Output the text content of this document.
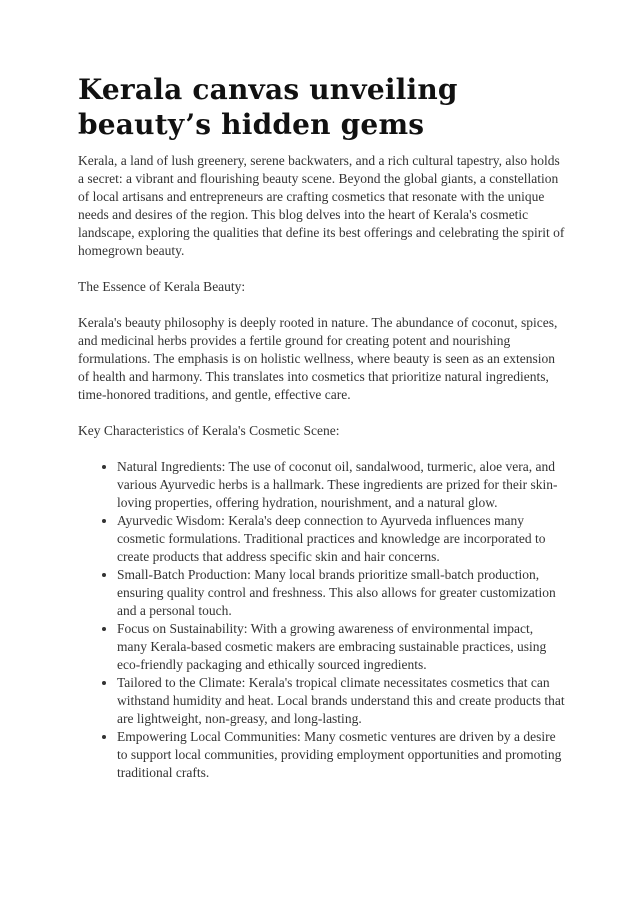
Kerala canvas unveiling beauty’s hidden gems

Kerala, a land of lush greenery, serene backwaters, and a rich cultural tapestry, also holds a secret: a vibrant and flourishing beauty scene. Beyond the global giants, a constellation of local artisans and entrepreneurs are crafting cosmetics that resonate with the unique needs and desires of the region. This blog delves into the heart of Kerala's cosmetic landscape, exploring the qualities that define its best offerings and celebrating the spirit of homegrown beauty.

The Essence of Kerala Beauty:

Kerala's beauty philosophy is deeply rooted in nature. The abundance of coconut, spices, and medicinal herbs provides a fertile ground for creating potent and nourishing formulations. The emphasis is on holistic wellness, where beauty is seen as an extension of health and harmony. This translates into cosmetics that prioritize natural ingredients, time-honored traditions, and gentle, effective care.

Key Characteristics of Kerala's Cosmetic Scene:

• Natural Ingredients: The use of coconut oil, sandalwood, turmeric, aloe vera, and various Ayurvedic herbs is a hallmark. These ingredients are prized for their skin-loving properties, offering hydration, nourishment, and a natural glow.
• Ayurvedic Wisdom: Kerala's deep connection to Ayurveda influences many cosmetic formulations. Traditional practices and knowledge are incorporated to create products that address specific skin and hair concerns.
• Small-Batch Production: Many local brands prioritize small-batch production, ensuring quality control and freshness. This also allows for greater customization and a personal touch.
• Focus on Sustainability: With a growing awareness of environmental impact, many Kerala-based cosmetic makers are embracing sustainable practices, using eco-friendly packaging and ethically sourced ingredients.
• Tailored to the Climate: Kerala's tropical climate necessitates cosmetics that can withstand humidity and heat. Local brands understand this and create products that are lightweight, non-greasy, and long-lasting.
• Empowering Local Communities: Many cosmetic ventures are driven by a desire to support local communities, providing employment opportunities and promoting traditional crafts.
